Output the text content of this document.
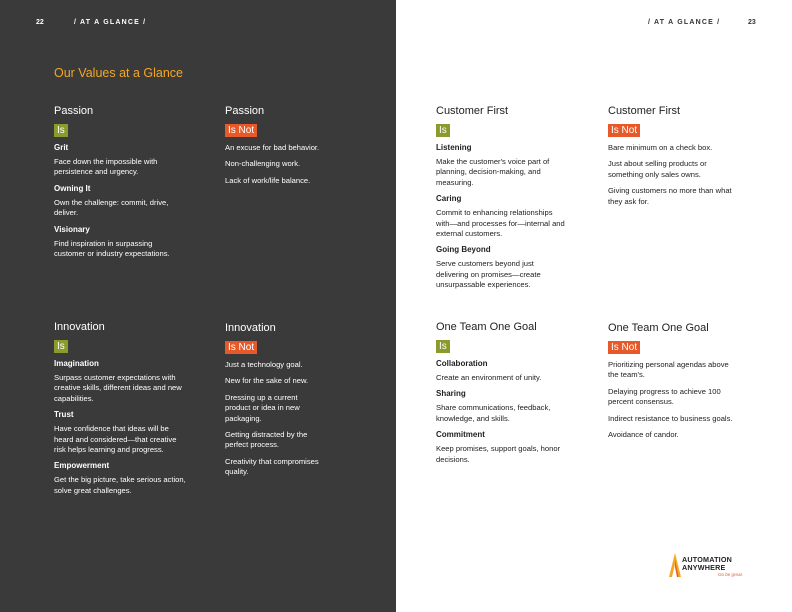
22	/ AT A GLANCE /	/ AT A GLANCE /	23
Our Values at a Glance
Passion
Is
Grit
Face down the impossible with persistence and urgency.
Owning It
Own the challenge: commit, drive, deliver.
Visionary
Find inspiration in surpassing customer or industry expectations.
Passion
Is Not
An excuse for bad behavior.
Non-challenging work.
Lack of work/life balance.
Customer First
Is
Listening
Make the customer's voice part of planning, decision-making, and measuring.
Caring
Commit to enhancing relationships with—and processes for—internal and external customers.
Going Beyond
Serve customers beyond just delivering on promises—create unsurpassable experiences.
Customer First
Is Not
Bare minimum on a check box.
Just about selling products or something only sales owns.
Giving customers no more than what they ask for.
Innovation
Is
Imagination
Surpass customer expectations with creative skills, different ideas and new capabilities.
Trust
Have confidence that ideas will be heard and considered—that creative risk helps learning and progress.
Empowerment
Get the big picture, take serious action, solve great challenges.
Innovation
Is Not
Just a technology goal.
New for the sake of new.
Dressing up a current product or idea in new packaging.
Getting distracted by the perfect process.
Creativity that compromises quality.
One Team One Goal
Is
Collaboration
Create an environment of unity.
Sharing
Share communications, feedback, knowledge, and skills.
Commitment
Keep promises, support goals, honor decisions.
One Team One Goal
Is Not
Prioritizing personal agendas above the team's.
Delaying progress to achieve 100 percent consensus.
Indirect resistance to business goals.
Avoidance of candor.
AUTOMATION
ANYWHERE
Go be great.
